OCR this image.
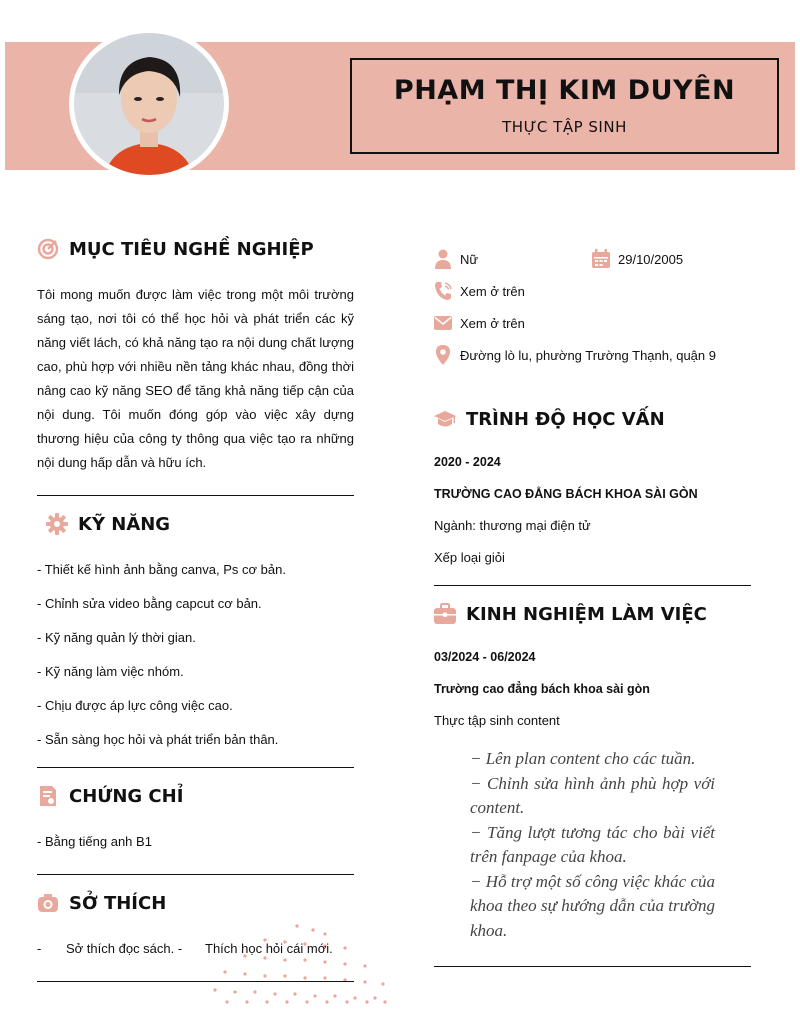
PHẠM THỊ KIM DUYÊN
THỰC TẬP SINH
MỤC TIÊU NGHỀ NGHIỆP
Tôi mong muốn được làm việc trong một môi trường sáng tạo, nơi tôi có thể học hỏi và phát triển các kỹ năng viết lách, có khả năng tạo ra nội dung chất lượng cao, phù hợp với nhiều nền tảng khác nhau, đồng thời nâng cao kỹ năng SEO để tăng khả năng tiếp cận của nội dung. Tôi muốn đóng góp vào việc xây dựng thương hiệu của công ty thông qua việc tạo ra những nội dung hấp dẫn và hữu ích.
KỸ NĂNG
- Thiết kế hình ảnh bằng canva, Ps cơ bản.
- Chỉnh sửa video bằng capcut cơ bản.
- Kỹ năng quản lý thời gian.
- Kỹ năng làm việc nhóm.
- Chịu được áp lực công việc cao.
- Sẵn sàng học hỏi và phát triển bản thân.
CHỨNG CHỈ
- Bằng tiếng anh B1
SỞ THÍCH
- Sở thích đọc sách. - Thích học hỏi cái mới.
Nữ	29/10/2005
Xem ở trên
Xem ở trên
Đường lò lu, phường Trường Thạnh, quận 9
TRÌNH ĐỘ HỌC VẤN
2020 - 2024
TRƯỜNG CAO ĐẲNG BÁCH KHOA SÀI GÒN
Ngành: thương mại điện tử
Xếp loại giỏi
KINH NGHIỆM LÀM VIỆC
03/2024 - 06/2024
Trường cao đẳng bách khoa sài gòn
Thực tập sinh content
− Lên plan content cho các tuần.
− Chỉnh sửa hình ảnh phù hợp với content.
− Tăng lượt tương tác cho bài viết trên fanpage của khoa.
− Hỗ trợ một số công việc khác của khoa theo sự hướng dẫn của trường khoa.
